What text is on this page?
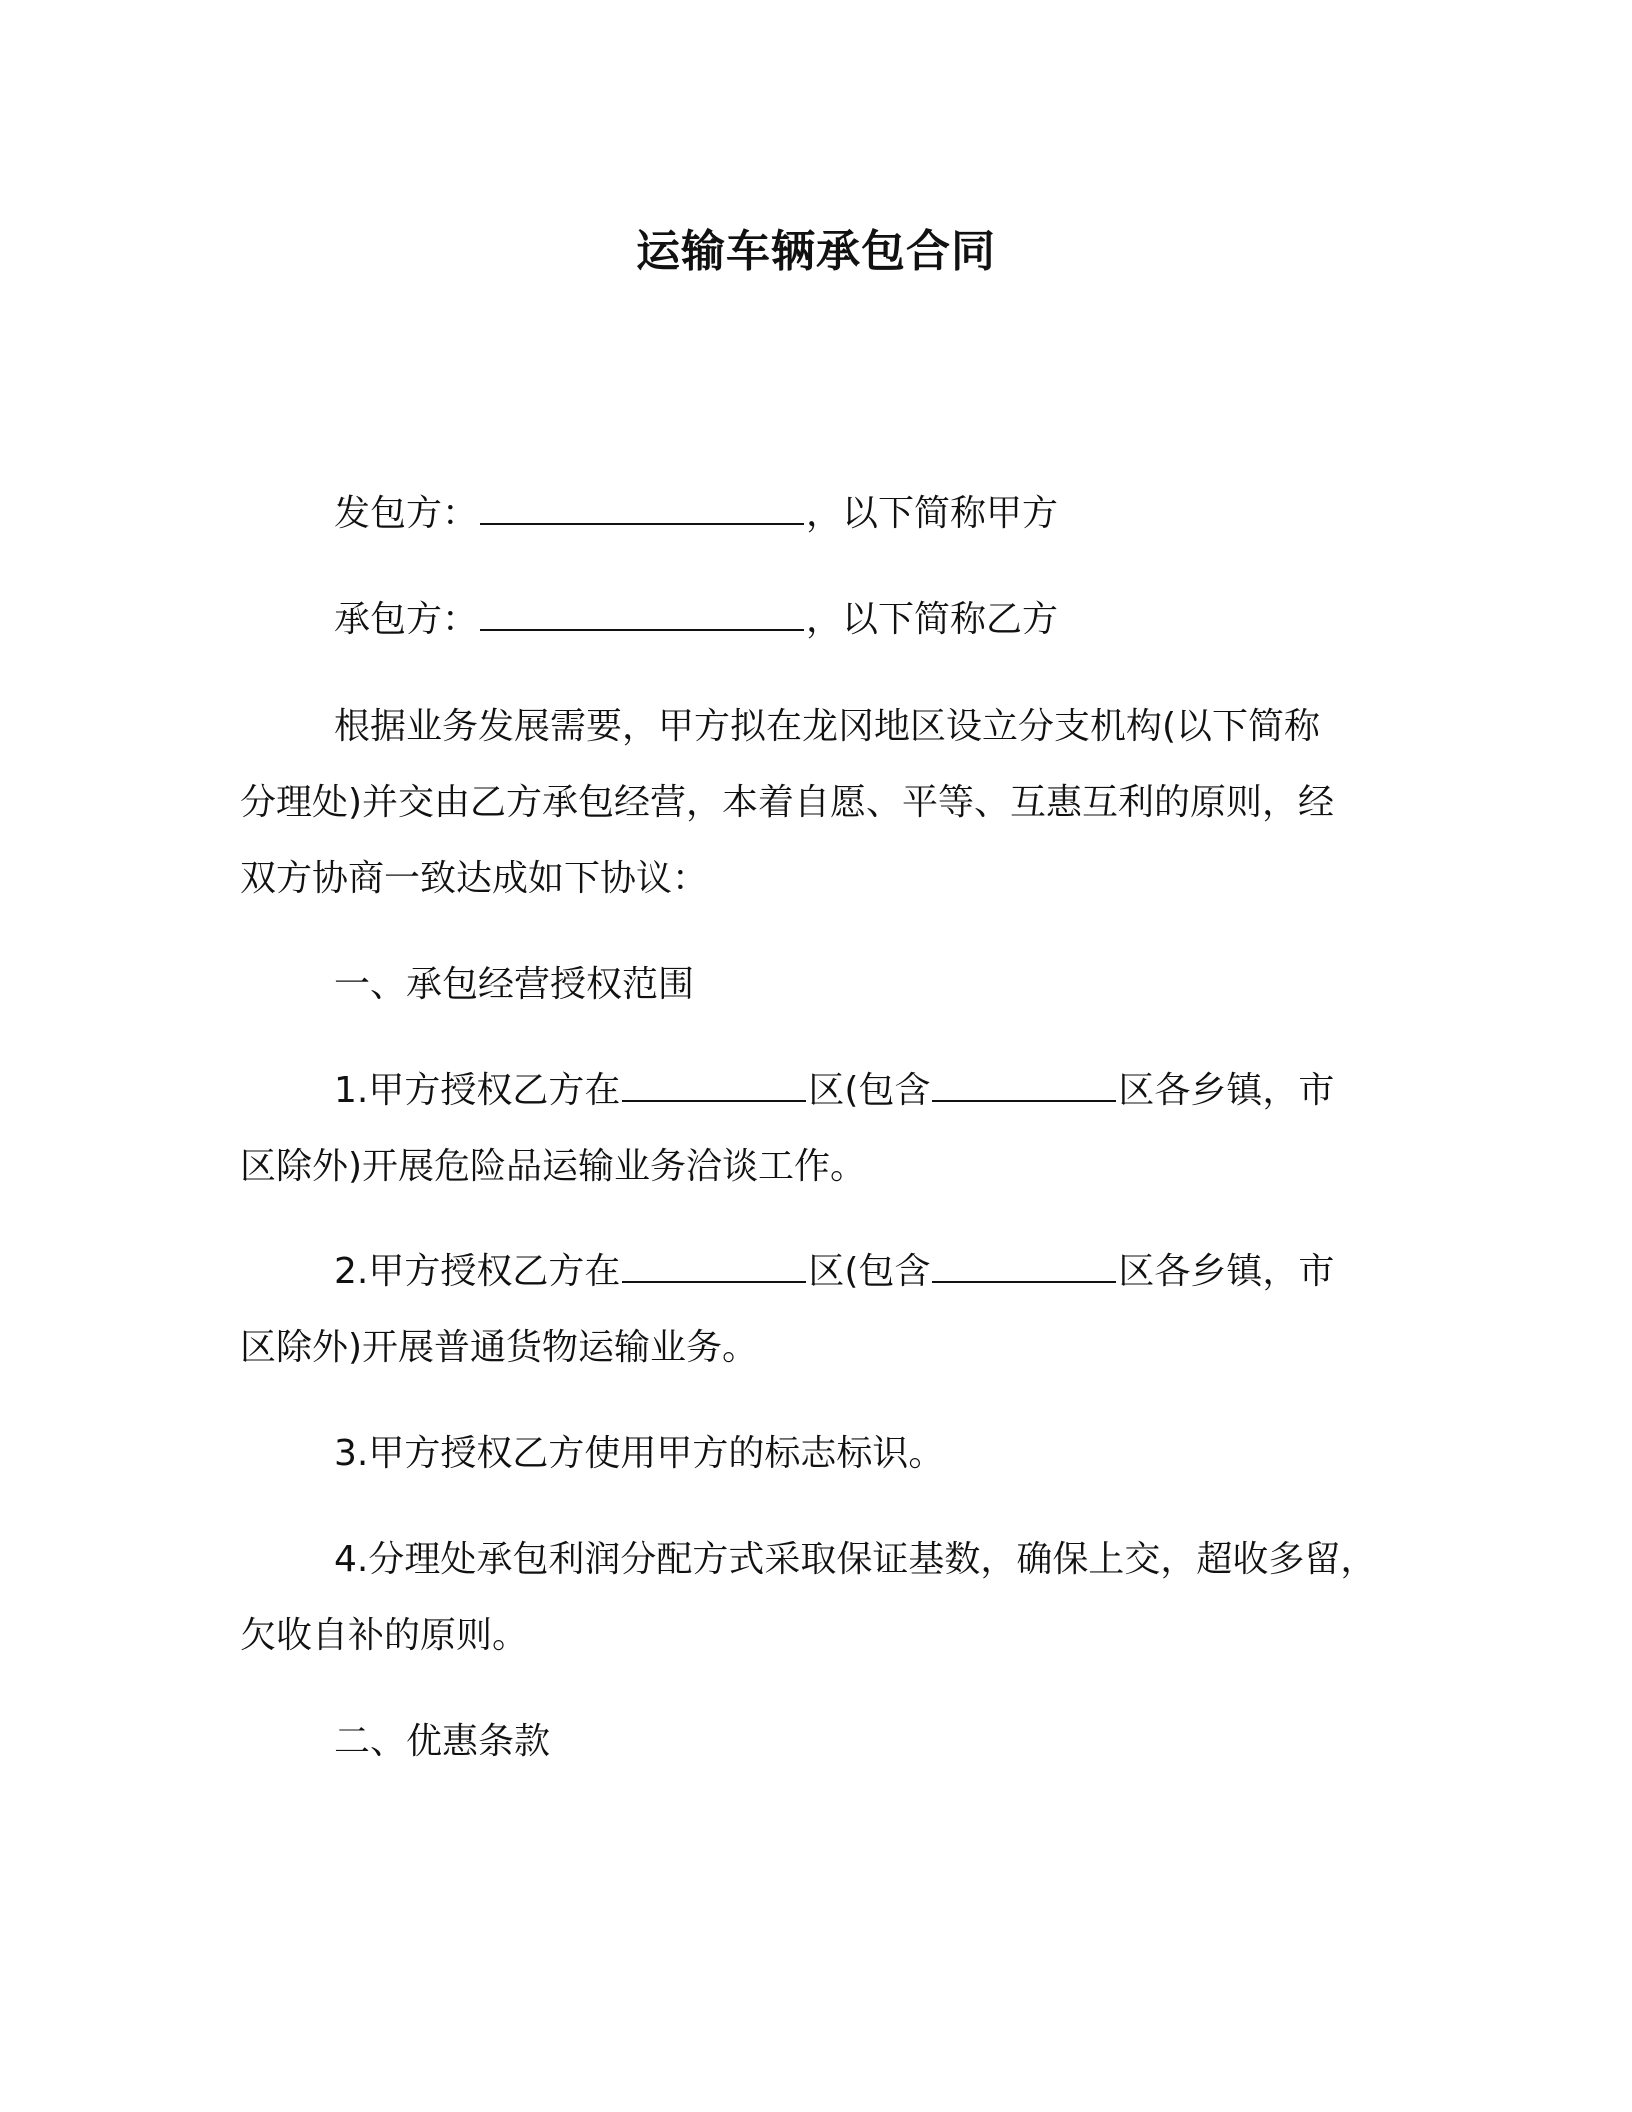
运输车辆承包合同
发包方：	，以下简称甲方
承包方：	，以下简称乙方
根据业务发展需要，甲方拟在龙冈地区设立分支机构(以下简称
分理处)并交由乙方承包经营，本着自愿、平等、互惠互利的原则，经
双方协商一致达成如下协议：
一、承包经营授权范围
1.甲方授权乙方在	区(包含	区各乡镇，市
区除外)开展危险品运输业务洽谈工作。
2.甲方授权乙方在	区(包含	区各乡镇，市
区除外)开展普通货物运输业务。
3.甲方授权乙方使用甲方的标志标识。
4.分理处承包利润分配方式采取保证基数，确保上交，超收多留，
欠收自补的原则。
二、优惠条款
